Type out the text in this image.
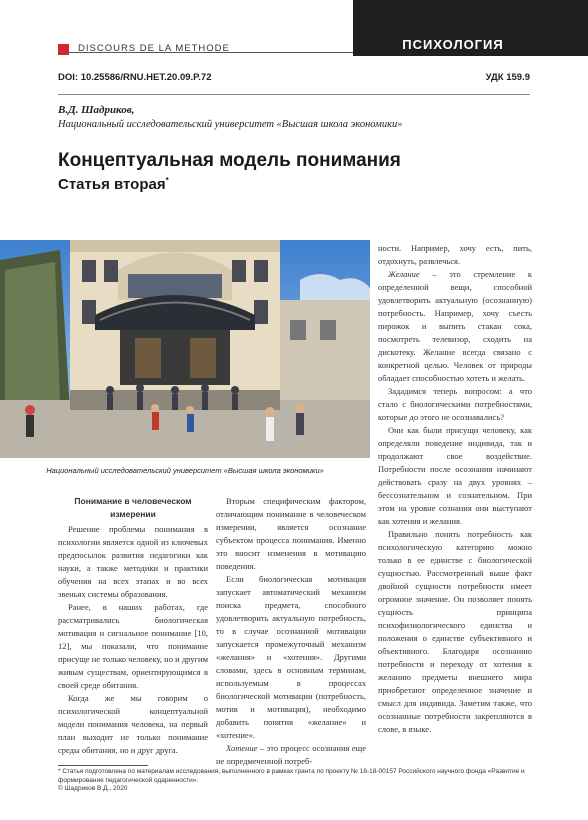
ПСИХОЛОГИЯ
DISCOURS DE LA METHODE
DOI: 10.25586/RNU.HET.20.09.P.72	УДК 159.9
В.Д. Шадриков,
Национальный исследовательский университет «Высшая школа экономики»
Концептуальная модель понимания
Статья вторая*
Национальный исследовательский университет «Высшая школа экономики»

Понимание в человеческом измерении

Решение проблемы понимания в психологии является одной из ключевых предпосылок развития педагогики как науки, а также методики и практики обучения на всех этапах и во всех звеньях системы образования.

Ранее, в наших работах, где рассматривались биологическая мотивация и сигнальное понимание [10, 12], мы показали, что понимание присуще не только человеку, но и другим живым существам, ориентирующимся в своей среде обитания.

Когда же мы говорим о психологической концептуальной модели понимания человека, на первый план выходит не только понимание среды обитания, но и друг друга.

Вторым специфическим фактором, отличающим понимание в человеческом измерении, является осознание субъектом процесса понимания. Именно это вносит изменения в мотивацию поведения.

Если биологическая мотивация запускает автоматический механизм поиска предмета, способного удовлетворить актуальную потребность, то в случае осознанной мотивации запускается промежуточный механизм «желания» и «хотения». Другими словами, здесь в основным терминам, используемым в процессах биологической мотивации (потребность, мотив и мотивация), необходимо добавить понятия «желание» и «хотение».

Хотение – это процесс осознания еще не опредмеченной потреб-

ности. Например, хочу есть, пить, отдохнуть, развлечься.

Желание – это стремление к определенной вещи, способной удовлетворить актуальную (осознанную) потребность. Например, хочу съесть пирожок и выпить стакан сока, посмотреть телевизор, сходить на дискотеку. Желание всегда связано с конкретной целью. Человек от природы обладает способностью хотеть и желать.

Зададимся теперь вопросом: а что стало с биологическими потребностями, которые до этого не осознавались?

Они как были присущи человеку, как определяли поведение индивида, так и продолжают свое воздействие. Потребности после осознания начинают действовать сразу на двух уровнях – бессознательном и сознательном. При этом на уровне сознания они выступают как хотения и желания.

Правильно понять потребность как психологическую категорию можно только в ее единстве с биологической сущностью. Рассмотренный выше факт двойной сущности потребности имеет огромное значение. Он позволяет понять сущность принципа психофизиологического единства и положения о единстве субъективного и объективного. Благодаря осознанию потребности и переходу от хотения к желанию предметы внешнего мира приобретают определенное значение и смысл для индивида. Заметим также, что осознанные потребности закрепляются в слове, в языке.

* Статья подготовлена по материалам исследования, выполненного в рамках гранта по проекту № 18-18-00157 Российского научного фонда «Развитие и формирование педагогической одаренности».
© Шадриков В.Д., 2020
